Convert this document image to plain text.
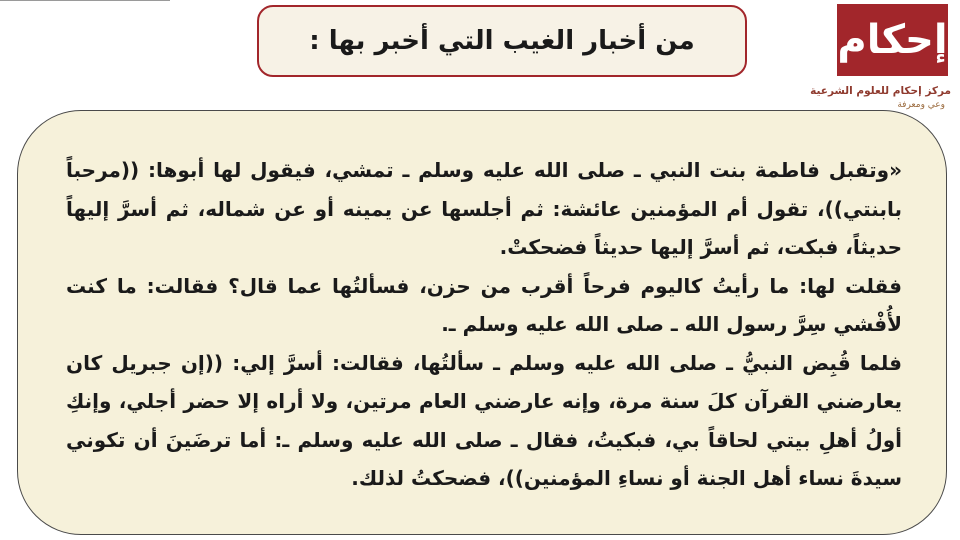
من أخبار الغيب التي أخبر بها :	إحكام
مركز إحكام للعلوم الشرعية
وعي ومعرفة

«وتقبل فاطمة بنت النبي ـ صلى الله عليه وسلم ـ تمشي، فيقول لها أبوها: ((مرحباً بابنتي))، تقول أم المؤمنين عائشة: ثم أجلسها عن يمينه أو عن شماله، ثم أسرَّ إليهاً حديثاً، فبكت، ثم أسرَّ إليها حديثاً فضحكتْ.

فقلت لها: ما رأيتُ كاليوم فرحاً أقرب من حزن، فسألتُها عما قال؟ فقالت: ما كنت لأُفْشي سِرَّ رسول الله ـ صلى الله عليه وسلم ـ.

فلما قُبِض النبيُّ ـ صلى الله عليه وسلم ـ سألتُها، فقالت: أسرَّ إلي: ((إن جبريل كان يعارضني القرآن كلَ سنة مرة، وإنه عارضني العام مرتين، ولا أراه إلا حضر أجلي، وإنكِ أولُ أهلِ بيتي لحاقاً بي، فبكيتُ، فقال ـ صلى الله عليه وسلم ـ: أما ترضَينَ أن تكوني سيدةَ نساء أهل الجنة أو نساءِ المؤمنين))، فضحكتُ لذلك.
